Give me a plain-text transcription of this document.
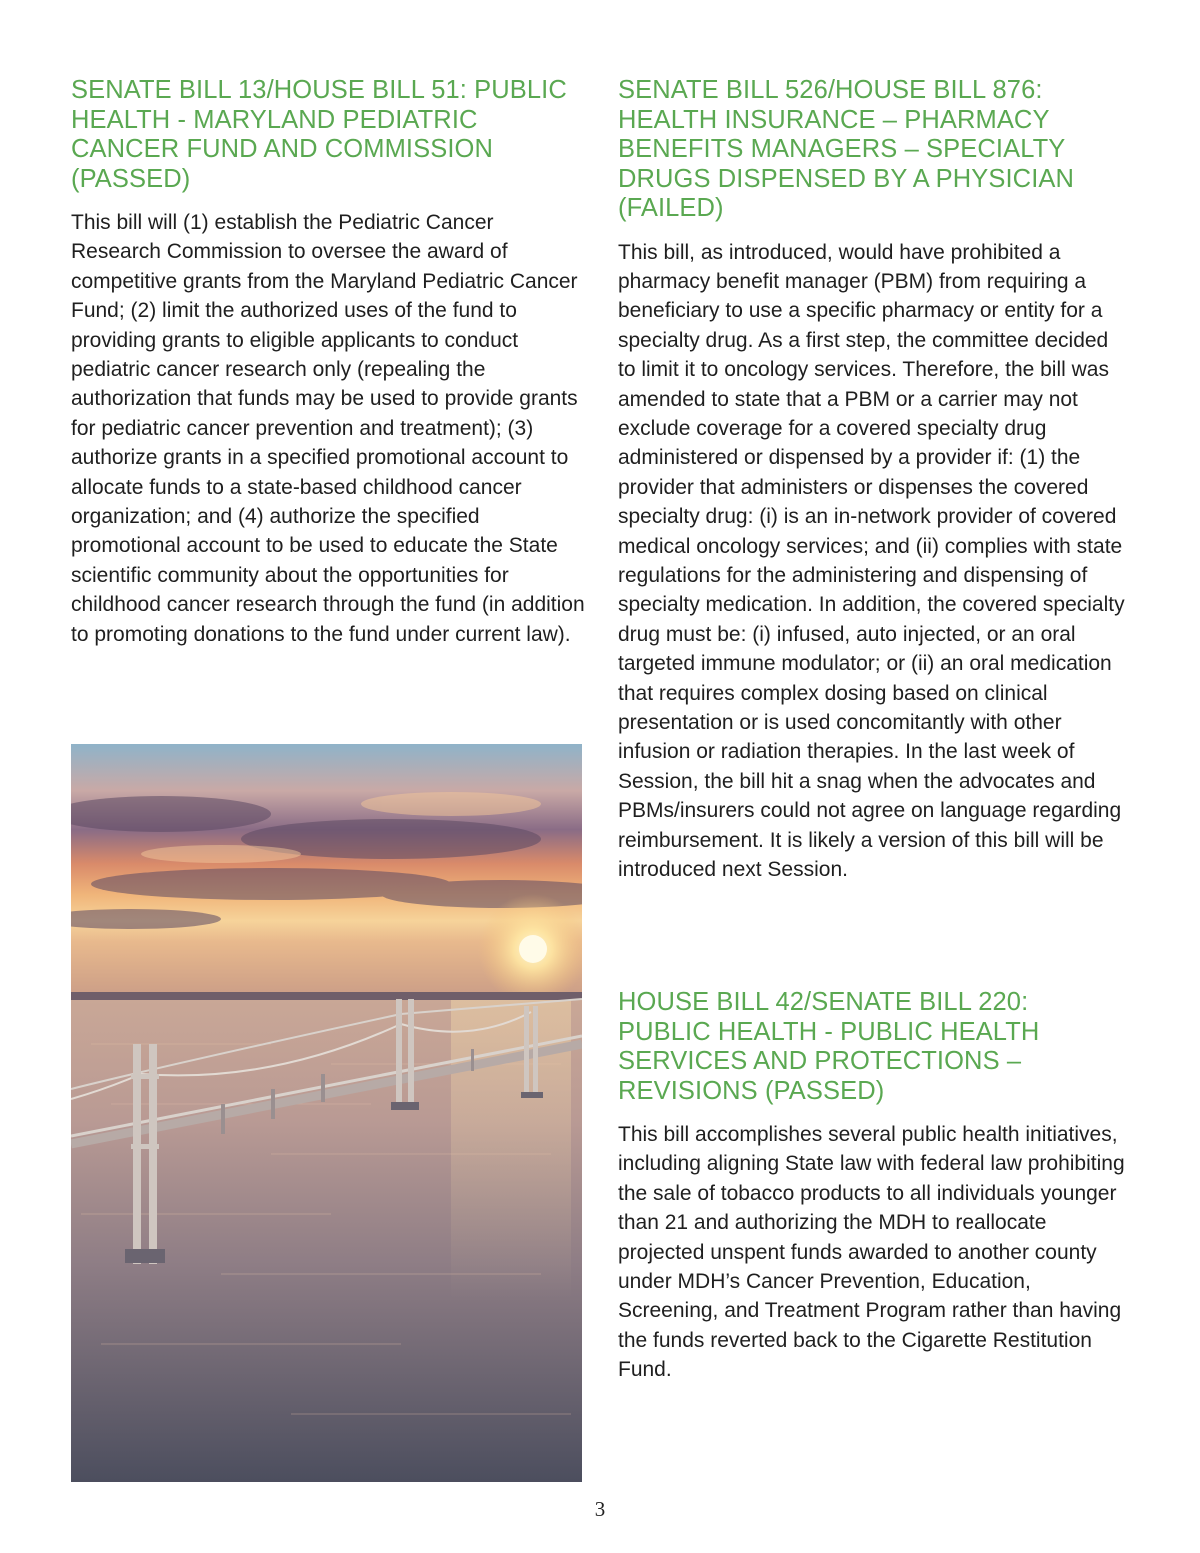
SENATE BILL 13/HOUSE BILL 51: PUBLIC HEALTH - MARYLAND PEDIATRIC CANCER FUND AND COMMISSION (PASSED)

This bill will (1) establish the Pediatric Cancer Research Commission to oversee the award of competitive grants from the Maryland Pediatric Cancer Fund; (2) limit the authorized uses of the fund to providing grants to eligible applicants to conduct pediatric cancer research only (repealing the authorization that funds may be used to provide grants for pediatric cancer prevention and treatment); (3) authorize grants in a specified promotional account to allocate funds to a state-based childhood cancer organization; and (4) authorize the specified promotional account to be used to educate the State scientific community about the opportunities for childhood cancer research through the fund (in addition to promoting donations to the fund under current law).

SENATE BILL 526/HOUSE BILL 876: HEALTH INSURANCE – PHARMACY BENEFITS MANAGERS – SPECIALTY DRUGS DISPENSED BY A PHYSICIAN (FAILED)

This bill, as introduced, would have prohibited a pharmacy benefit manager (PBM) from requiring a beneficiary to use a specific pharmacy or entity for a specialty drug. As a first step, the committee decided to limit it to oncology services. Therefore, the bill was amended to state that a PBM or a carrier may not exclude coverage for a covered specialty drug administered or dispensed by a provider if: (1) the provider that administers or dispenses the covered specialty drug: (i) is an in-network provider of covered medical oncology services; and (ii) complies with state regulations for the administering and dispensing of specialty medication. In addition, the covered specialty drug must be: (i) infused, auto injected, or an oral targeted immune modulator; or (ii) an oral medication that requires complex dosing based on clinical presentation or is used concomitantly with other infusion or radiation therapies. In the last week of Session, the bill hit a snag when the advocates and PBMs/insurers could not agree on language regarding reimbursement. It is likely a version of this bill will be introduced next Session.

HOUSE BILL 42/SENATE BILL 220: PUBLIC HEALTH - PUBLIC HEALTH SERVICES AND PROTECTIONS – REVISIONS (PASSED)

This bill accomplishes several public health initiatives, including aligning State law with federal law prohibiting the sale of tobacco products to all individuals younger than 21 and authorizing the MDH to reallocate projected unspent funds awarded to another county under MDH’s Cancer Prevention, Education, Screening, and Treatment Program rather than having the funds reverted back to the Cigarette Restitution Fund.

3
